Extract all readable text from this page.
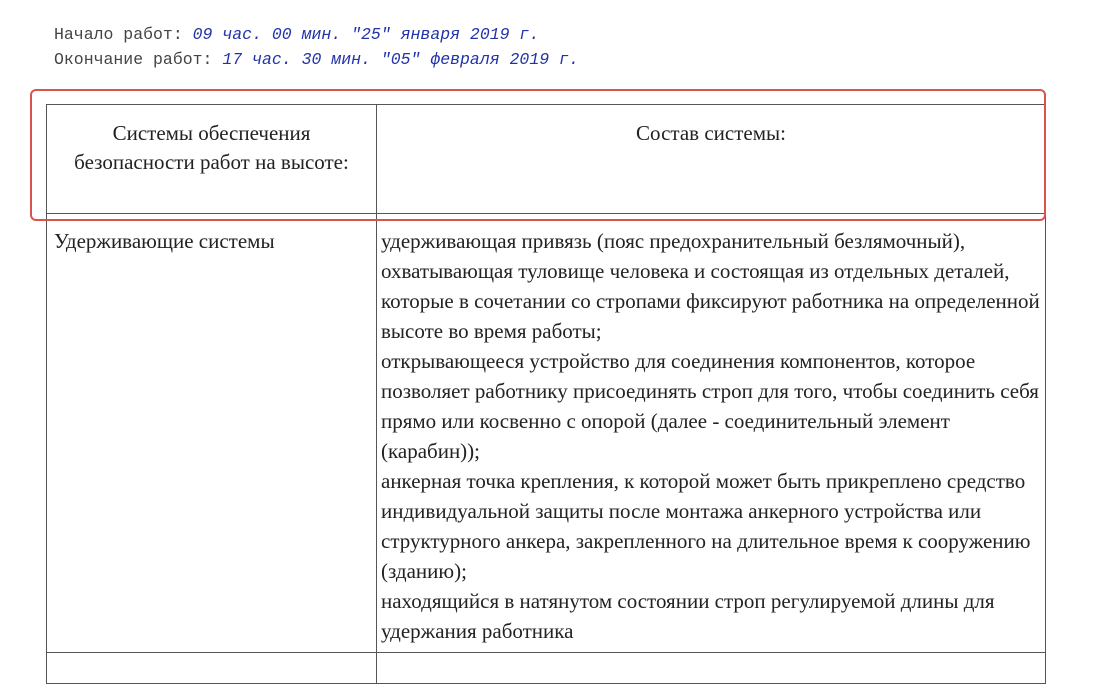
Начало работ: 09 час. 00 мин. "25" января 2019 г.
Окончание работ: 17 час. 30 мин. "05" февраля 2019 г.
Системы обеспечения безопасности работ на высоте:	Состав системы:
Удерживающие системы	удерживающая привязь (пояс предохранительный безлямочный), охватывающая туловище человека и состоящая из отдельных деталей, которые в сочетании со стропами фиксируют работника на определенной высоте во время работы;
открывающееся устройство для соединения компонентов, которое позволяет работнику присоединять строп для того, чтобы соединить себя прямо или косвенно с опорой (далее - соединительный элемент (карабин));
анкерная точка крепления, к которой может быть прикреплено средство индивидуальной защиты после монтажа анкерного устройства или структурного анкера, закрепленного на длительное время к сооружению (зданию);
находящийся в натянутом состоянии строп регулируемой длины для удержания работника
